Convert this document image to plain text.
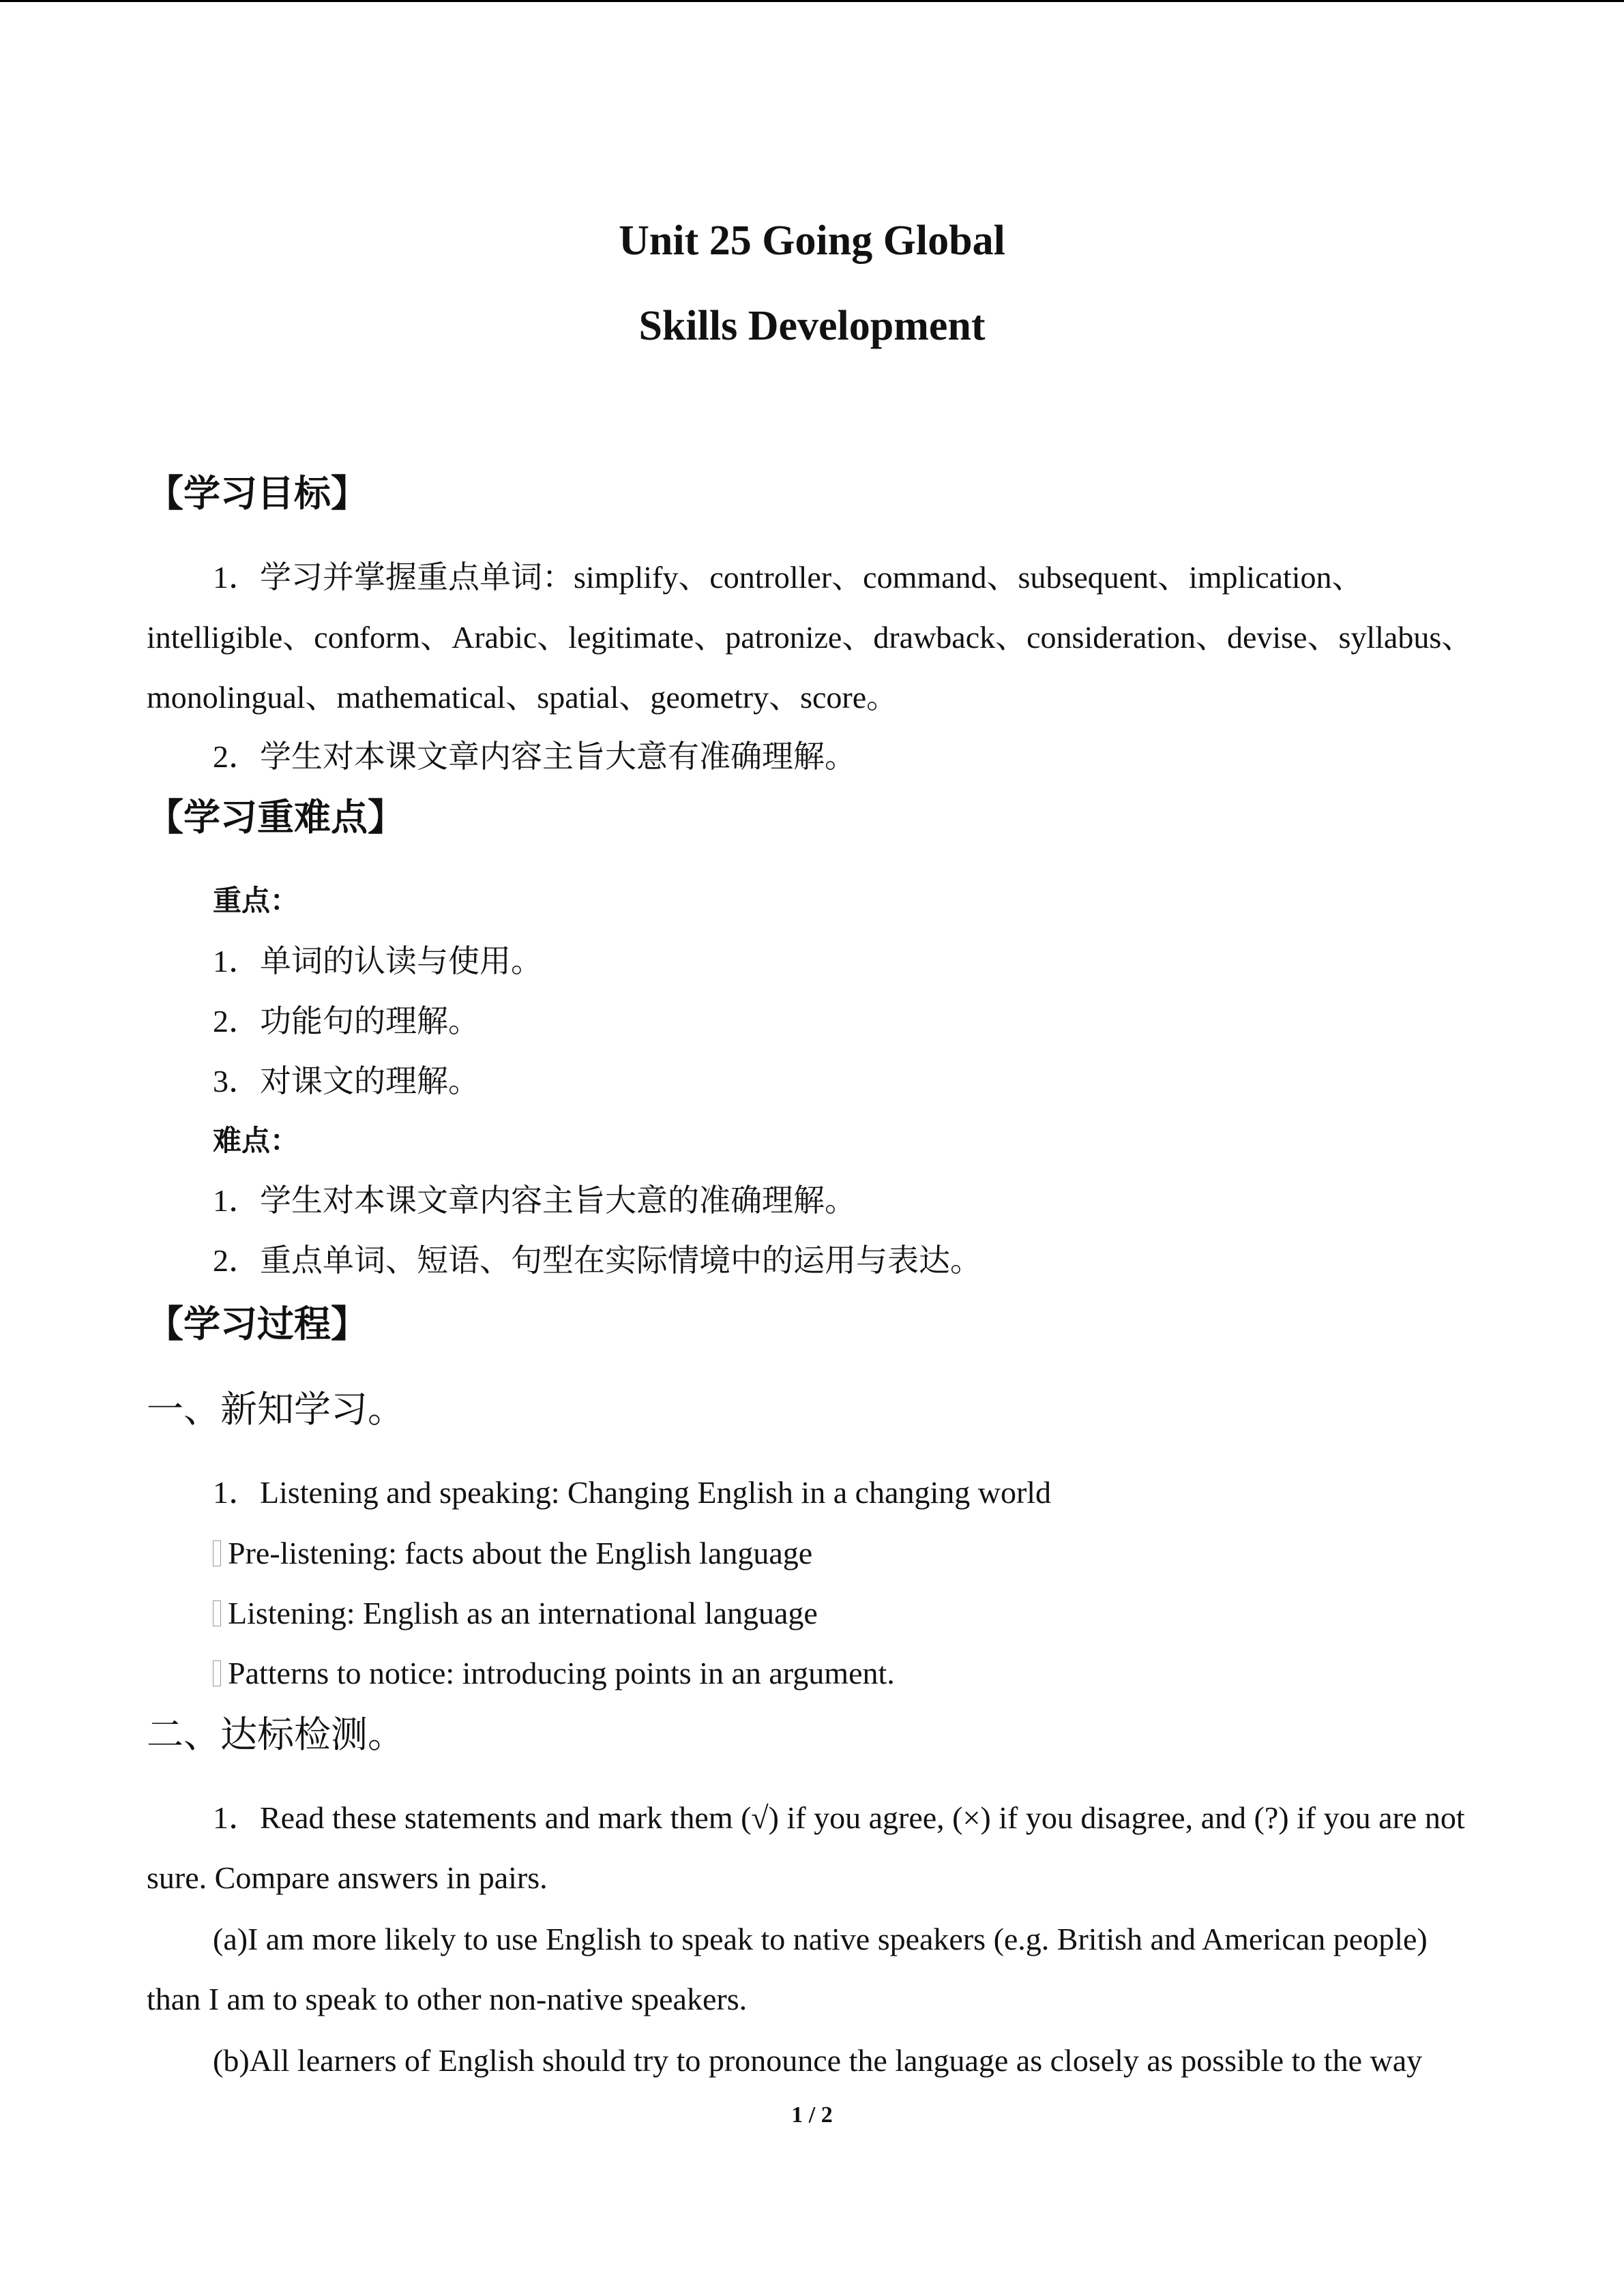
Unit 25 Going Global
Skills Development
【学习目标】
1．学习并掌握重点单词：simplify、controller、command、subsequent、implication、intelligible、conform、Arabic、legitimate、patronize、drawback、consideration、devise、syllabus、monolingual、mathematical、spatial、geometry、score。
2．学生对本课文章内容主旨大意有准确理解。
【学习重难点】
重点：
1．单词的认读与使用。
2．功能句的理解。
3．对课文的理解。
难点：
1．学生对本课文章内容主旨大意的准确理解。
2．重点单词、短语、句型在实际情境中的运用与表达。
【学习过程】
一、新知学习。
1．Listening and speaking: Changing English in a changing world
Pre-listening: facts about the English language
Listening: English as an international language
Patterns to notice: introducing points in an argument.
二、达标检测。
1．Read these statements and mark them (√) if you agree, (×) if you disagree, and (?) if you are not sure. Compare answers in pairs.
(a)I am more likely to use English to speak to native speakers (e.g. British and American people) than I am to speak to other non-native speakers.
(b)All learners of English should try to pronounce the language as closely as possible to the way
1 / 2
